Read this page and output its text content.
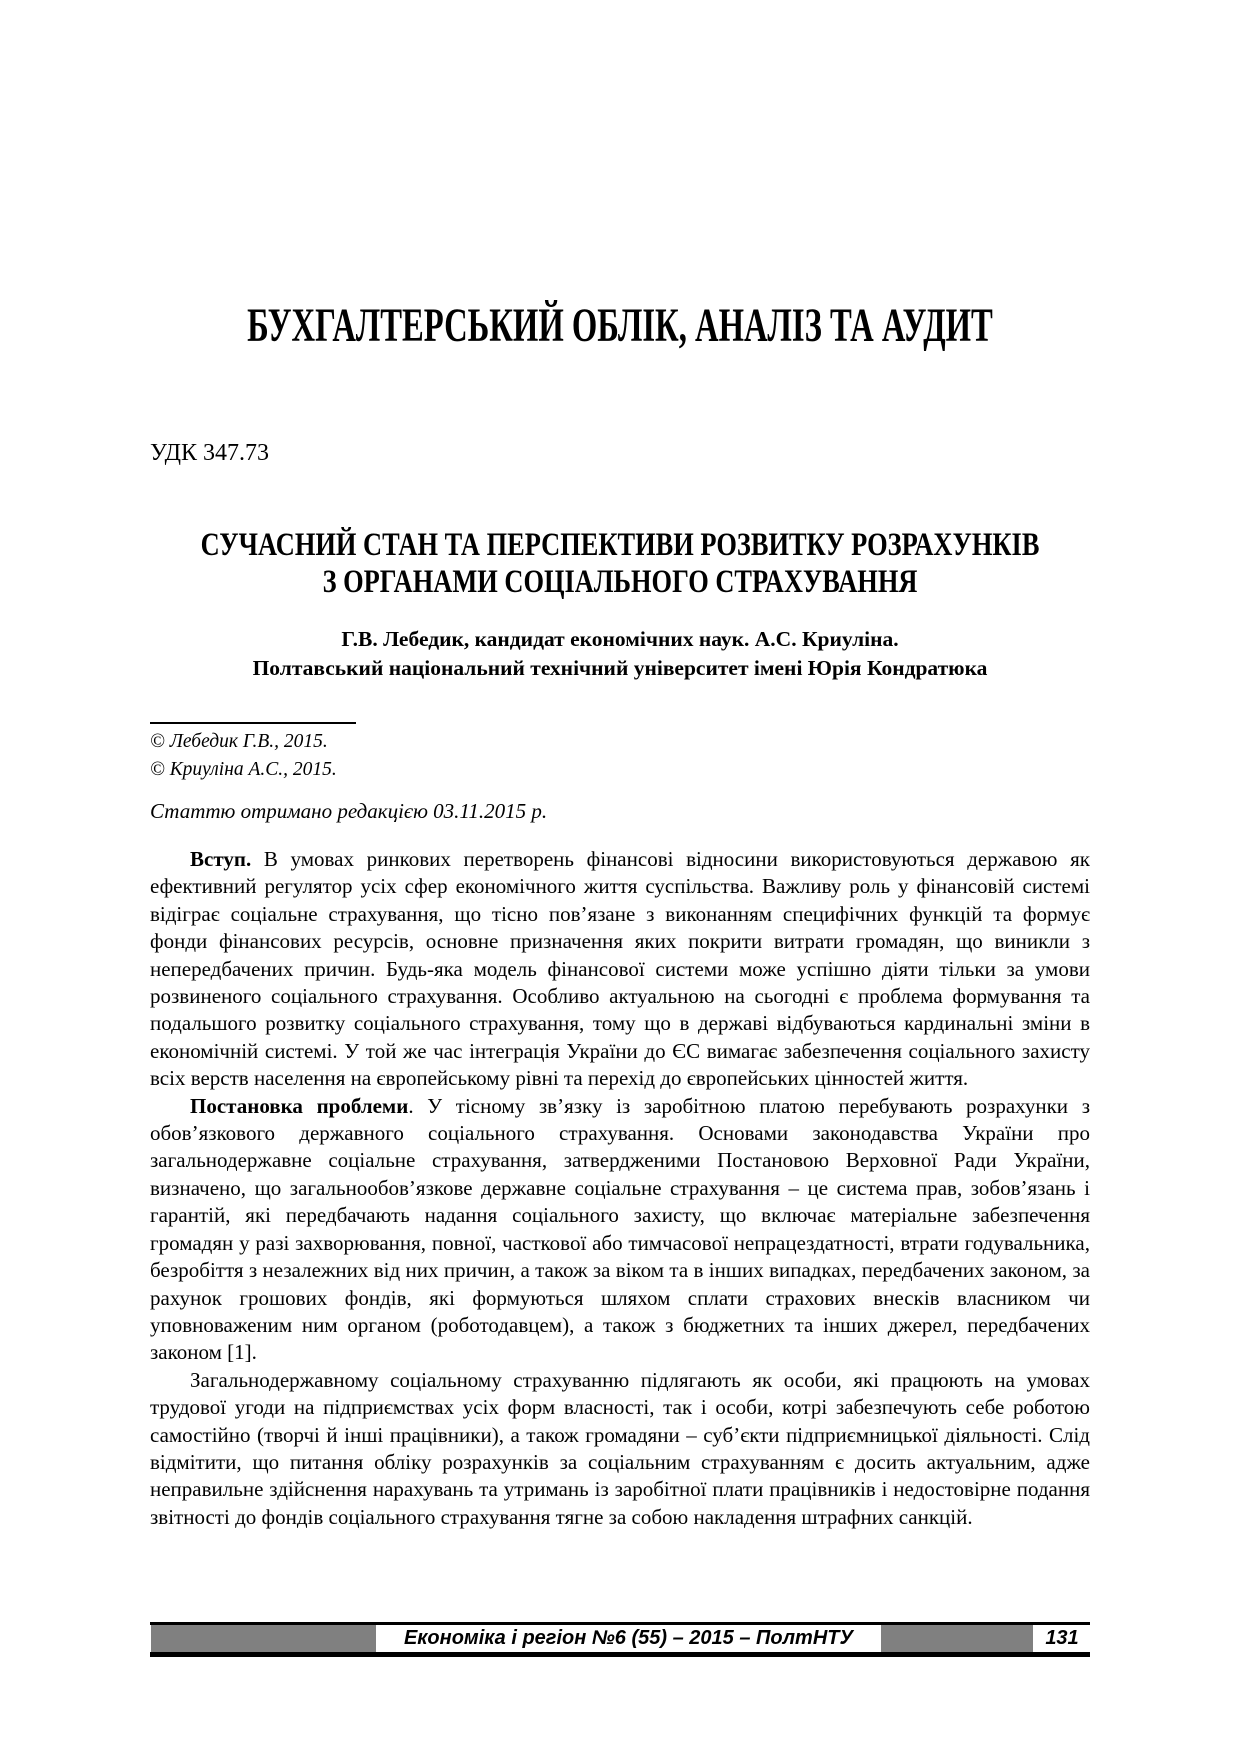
БУХГАЛТЕРСЬКИЙ ОБЛІК, АНАЛІЗ ТА АУДИТ
УДК 347.73
СУЧАСНИЙ СТАН ТА ПЕРСПЕКТИВИ РОЗВИТКУ РОЗРАХУНКІВ
З ОРГАНАМИ СОЦІАЛЬНОГО СТРАХУВАННЯ
Г.В. Лебедик, кандидат економічних наук. А.С. Криуліна.
Полтавський національний технічний університет імені Юрія Кондратюка
© Лебедик Г.В., 2015.
© Криуліна А.С., 2015.
Статтю отримано редакцією 03.11.2015 р.

Вступ. В умовах ринкових перетворень фінансові відносини використовуються державою як ефективний регулятор усіх сфер економічного життя суспільства. Важливу роль у фінансовій системі відіграє соціальне страхування, що тісно пов’язане з виконанням специфічних функцій та формує фонди фінансових ресурсів, основне призначення яких покрити витрати громадян, що виникли з непередбачених причин. Будь-яка модель фінансової системи може успішно діяти тільки за умови розвиненого соціального страхування. Особливо актуальною на сьогодні є проблема формування та подальшого розвитку соціального страхування, тому що в державі відбуваються кардинальні зміни в економічній системі. У той же час інтеграція України до ЄС вимагає забезпечення соціального захисту всіх верств населення на європейському рівні та перехід до європейських цінностей життя.

Постановка проблеми. У тісному зв’язку із заробітною платою перебувають розрахунки з обов’язкового державного соціального страхування. Основами законодавства України про загальнодержавне соціальне страхування, затвердженими Постановою Верховної Ради України, визначено, що загальнообов’язкове державне соціальне страхування – це система прав, зобов’язань і гарантій, які передбачають надання соціального захисту, що включає матеріальне забезпечення громадян у разі захворювання, повної, часткової або тимчасової непрацездатності, втрати годувальника, безробіття з незалежних від них причин, а також за віком та в інших випадках, передбачених законом, за рахунок грошових фондів, які формуються шляхом сплати страхових внесків власником чи уповноваженим ним органом (роботодавцем), а також з бюджетних та інших джерел, передбачених законом [1].

Загальнодержавному соціальному страхуванню підлягають як особи, які працюють на умовах трудової угоди на підприємствах усіх форм власності, так і особи, котрі забезпечують себе роботою самостійно (творчі й інші працівники), а також громадяни – суб’єкти підприємницької діяльності. Слід відмітити, що питання обліку розрахунків за соціальним страхуванням є досить актуальним, адже неправильне здійснення нарахувань та утримань із заробітної плати працівників і недостовірне подання звітності до фондів соціального страхування тягне за собою накладення штрафних санкцій.

Економіка і регіон №6 (55) – 2015 – ПолтНТУ	131
